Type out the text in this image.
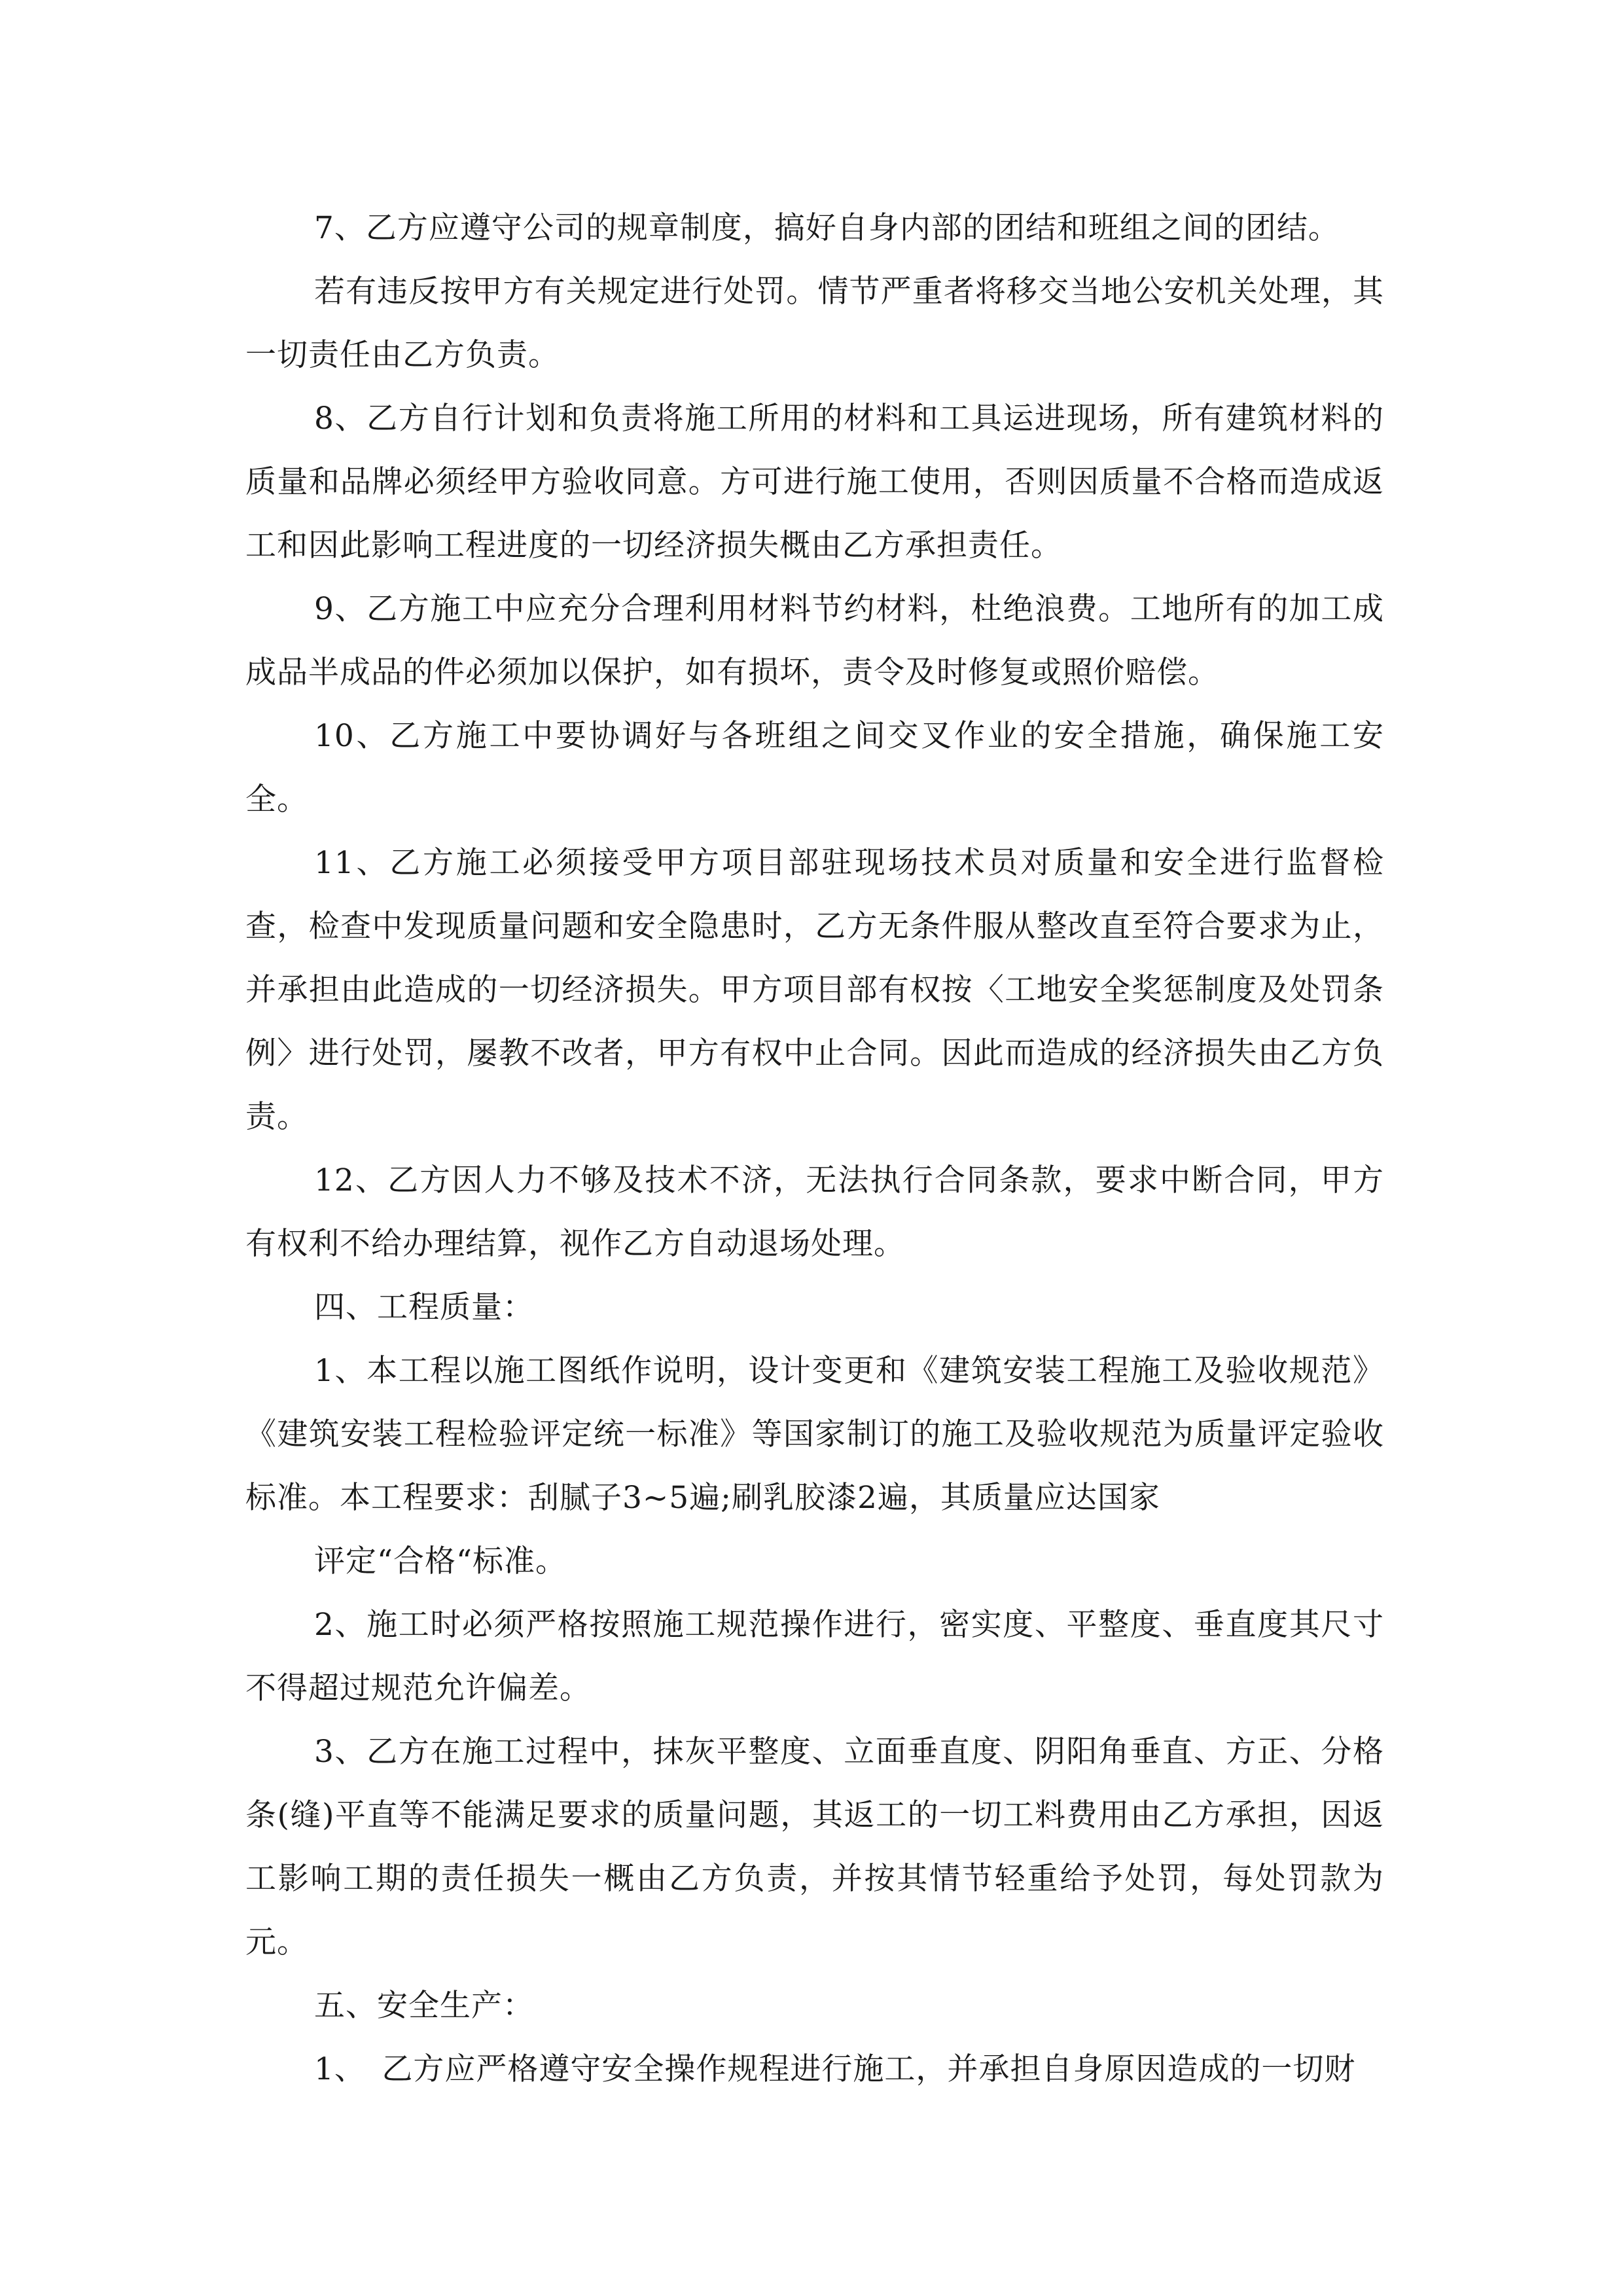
7、乙方应遵守公司的规章制度，搞好自身内部的团结和班组之间的团结。

若有违反按甲方有关规定进行处罚。情节严重者将移交当地公安机关处理，其一切责任由乙方负责。

8、乙方自行计划和负责将施工所用的材料和工具运进现场，所有建筑材料的质量和品牌必须经甲方验收同意。方可进行施工使用，否则因质量不合格而造成返工和因此影响工程进度的一切经济损失概由乙方承担责任。

9、乙方施工中应充分合理利用材料节约材料，杜绝浪费。工地所有的加工成成品半成品的件必须加以保护，如有损坏，责令及时修复或照价赔偿。

10、乙方施工中要协调好与各班组之间交叉作业的安全措施，确保施工安全。

11、乙方施工必须接受甲方项目部驻现场技术员对质量和安全进行监督检查，检查中发现质量问题和安全隐患时，乙方无条件服从整改直至符合要求为止，并承担由此造成的一切经济损失。甲方项目部有权按〈工地安全奖惩制度及处罚条例〉进行处罚，屡教不改者，甲方有权中止合同。因此而造成的经济损失由乙方负责。

12、乙方因人力不够及技术不济，无法执行合同条款，要求中断合同，甲方有权利不给办理结算，视作乙方自动退场处理。

四、工程质量：

1、本工程以施工图纸作说明，设计变更和《建筑安装工程施工及验收规范》《建筑安装工程检验评定统一标准》等国家制订的施工及验收规范为质量评定验收标准。本工程要求：刮腻子3~5遍;刷乳胶漆2遍，其质量应达国家

评定“合格“标准。

2、施工时必须严格按照施工规范操作进行，密实度、平整度、垂直度其尺寸不得超过规范允许偏差。

3、乙方在施工过程中，抹灰平整度、立面垂直度、阴阳角垂直、方正、分格条(缝)平直等不能满足要求的质量问题，其返工的一切工料费用由乙方承担，因返工影响工期的责任损失一概由乙方负责，并按其情节轻重给予处罚，每处罚款为元。

五、安全生产：

1、　乙方应严格遵守安全操作规程进行施工，并承担自身原因造成的一切财
